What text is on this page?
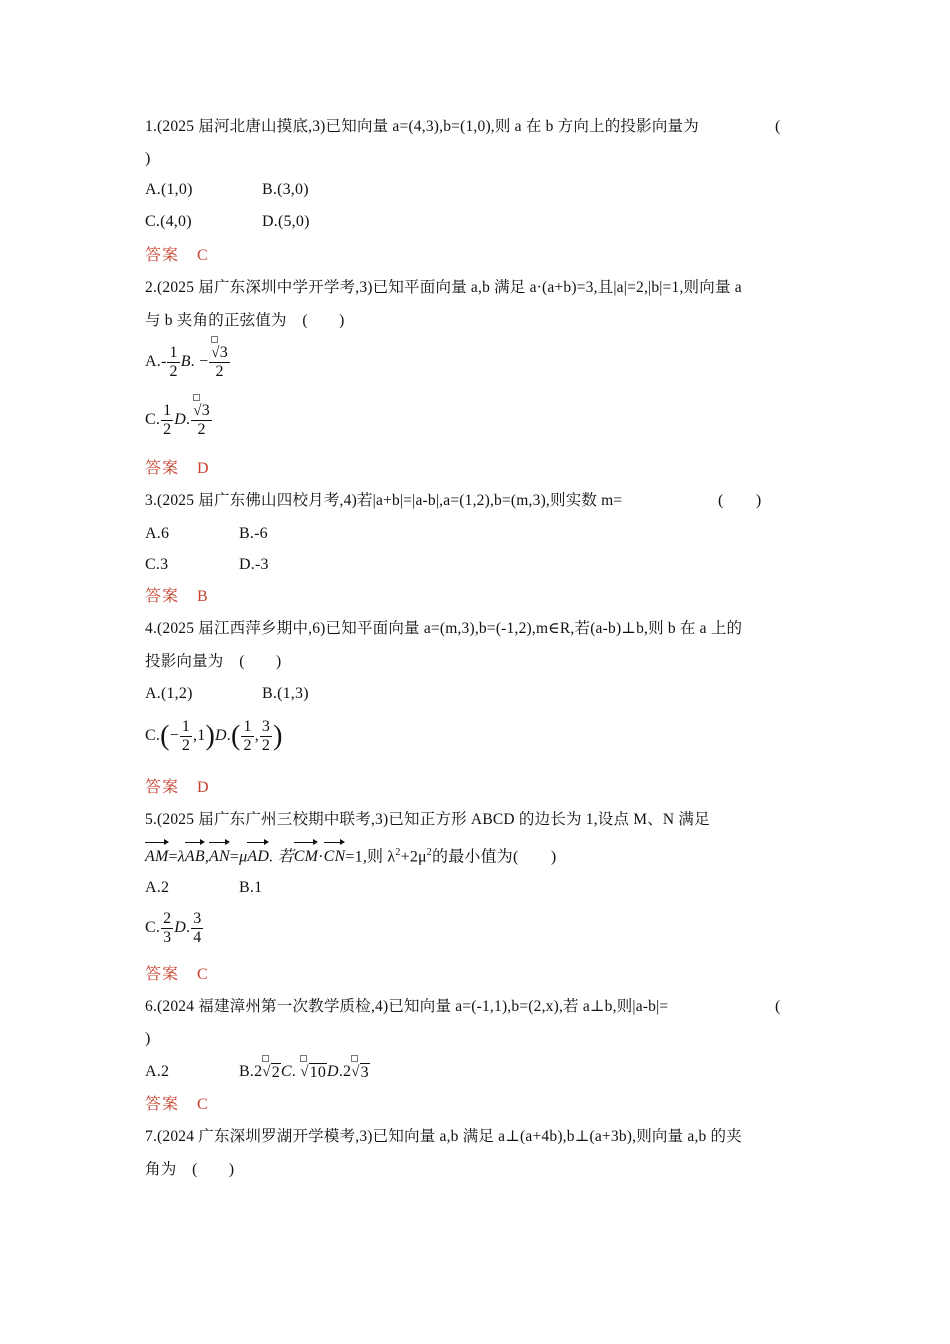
1.(2025 届河北唐山摸底,3)已知向量 a=(4,3),b=(1,0),则 a 在 b 方向上的投影向量为	(
)
A.(1,0)	B.(3,0)
C.(4,0)	D.(5,0)
答案 C
2.(2025 届广东深圳中学开学考,3)已知平面向量 a,b 满足 a·(a+b)=3,且|a|=2,|b|=1,则向量 a
与 b 夹角的正弦值为　(　　)
$A.- \frac{1}{2} B$. − $\frac{√ 3}{2}$
C. $\frac{1}{2} D$. $\frac{√ 3}{2}$
答案 D
3.(2025 届广东佛山四校月考,4)若|a+b|=|a-b|,a=(1,2),b=(m,3),则实数 m=	(　　)
A.6	B.-6
C.3	D.-3
答案 B
4.(2025 届江西萍乡期中,6)已知平面向量 a=(m,3),b=(-1,2),m∈R,若(a-b)⊥b,则 b 在 a 上的
投影向量为　(　　)
A.(1,2)	B.(1,3)
$C.(- \frac{1}{2} ,1)D.( \frac{1}{2}$ , $\frac{3}{2}$ )
答案 D
5.(2025 届广东广州三校期中联考,3)已知正方形 ABCD 的边长为 1,设点 M、N 满足
AM=λ
AB,
AN=μ
AD. 若
CM·
CN=1,则 $\lambda^2+2\mu^2$的最小值为(　　)
A.2	B.1
C. $\frac{2}{3} D$. $\frac{3}{4}$
答案 C
6.(2024 福建漳州第一次教学质检,4)已知向量 a=(-1,1),b=(2,x),若 a⊥b,则|a-b|=	(
)
A.2	B.2 √ 2 C. √ 10 D.2 √ 3
答案 C
7.(2024 广东深圳罗湖开学模考,3)已知向量 a,b 满足 a⊥(a+4b),b⊥(a+3b),则向量 a,b 的夹
角为　(　　)
